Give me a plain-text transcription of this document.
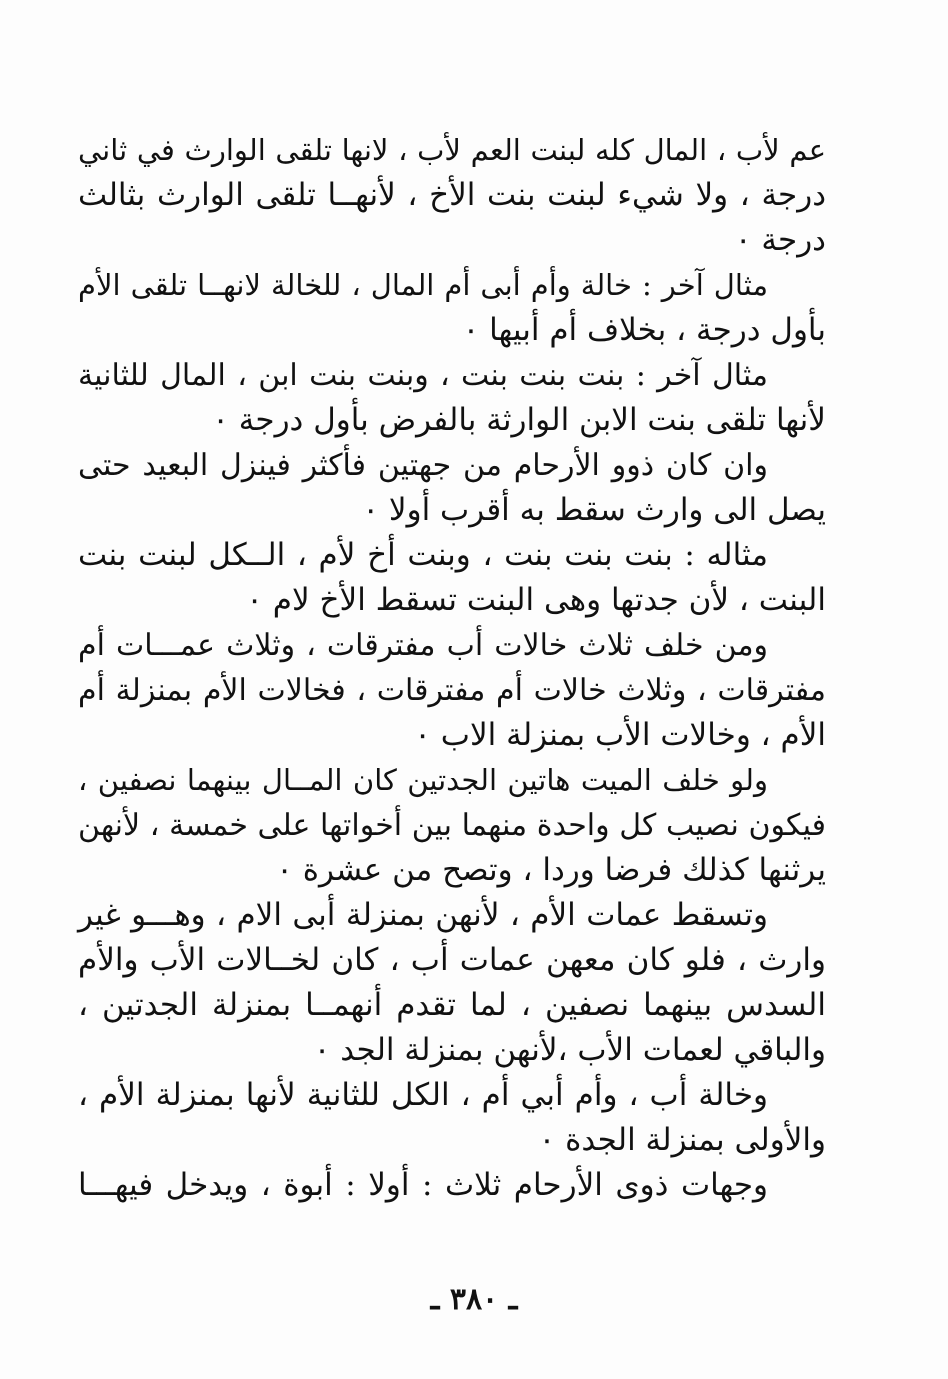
عم لأب ، المال كله لبنت العم لأب ، لانها تلقى الوارث في ثاني
درجة ، ولا شيء لبنت بنت الأخ ، لأنهــا تلقى الوارث بثالث
درجة ٠

مثال آخر : خالة وأم أبى أم المال ، للخالة لانهــا تلقى الأم
بأول درجة ، بخلاف أم أبيها ٠

مثال آخر : بنت بنت بنت ، وبنت بنت ابن ، المال للثانية
لأنها تلقى بنت الابن الوارثة بالفرض بأول درجة ٠

وان كان ذوو الأرحام من جهتين فأكثر فينزل البعيد حتى
يصل الى وارث سقط به أقرب أولا ٠

مثاله : بنت بنت بنت ، وبنت أخ لأم ، الــكل لبنت بنت
البنت ، لأن جدتها وهى البنت تسقط الأخ لام ٠

ومن خلف ثلاث خالات أب مفترقات ، وثلاث عمـــات أم
مفترقات ، وثلاث خالات أم مفترقات ، فخالات الأم بمنزلة أم
الأم ، وخالات الأب بمنزلة الاب ٠

ولو خلف الميت هاتين الجدتين كان المــال بينهما نصفين ،
فيكون نصيب كل واحدة منهما بين أخواتها على خمسة ، لأنهن
يرثنها كذلك فرضا وردا ، وتصح من عشرة ٠

وتسقط عمات الأم ، لأنهن بمنزلة أبى الام ، وهـــو غير
وارث ، فلو كان معهن عمات أب ، كان لخــالات الأب والأم
السدس بينهما نصفين ، لما تقدم أنهمــا بمنزلة الجدتين ،
والباقي لعمات الأب ،لأنهن بمنزلة الجد ٠

وخالة أب ، وأم أبي أم ، الكل للثانية لأنها بمنزلة الأم ،
والأولى بمنزلة الجدة ٠

وجهات ذوى الأرحام ثلاث : أولا : أبوة ، ويدخل فيهـــا

ـ ٣٨٠ ـ
